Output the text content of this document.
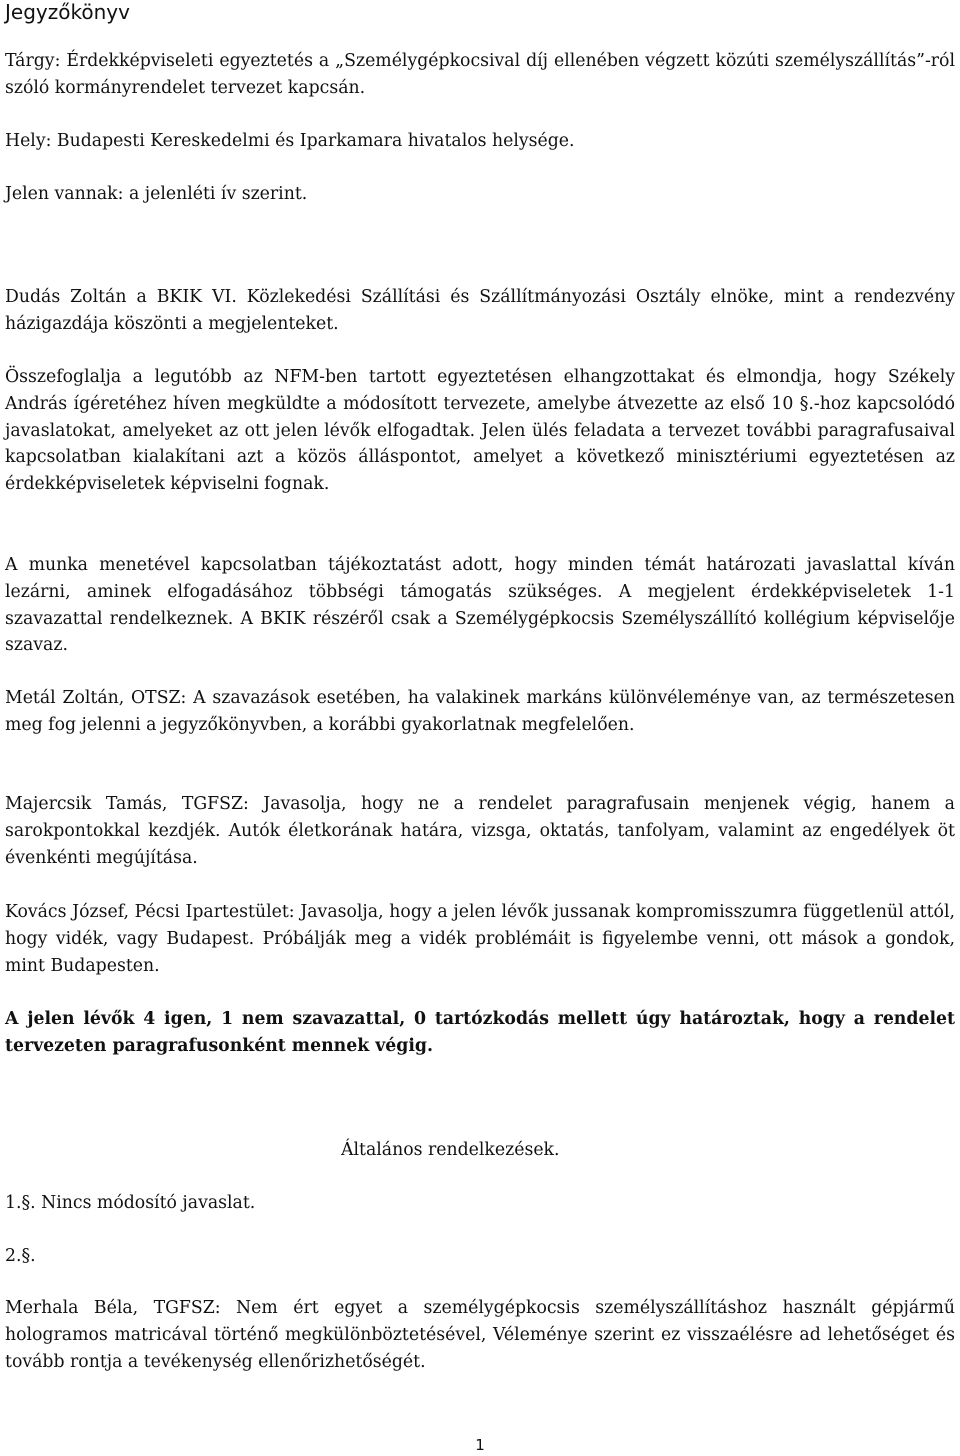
Jegyzőkönyv
Tárgy: Érdekképviseleti egyeztetés a „Személygépkocsival díj ellenében végzett közúti személyszállítás”-ról szóló kormányrendelet tervezet kapcsán.
Hely: Budapesti Kereskedelmi és Iparkamara hivatalos helysége.
Jelen vannak: a jelenléti ív szerint.
Dudás Zoltán a BKIK VI. Közlekedési Szállítási és Szállítmányozási Osztály elnöke, mint a rendezvény házigazdája köszönti a megjelenteket.
Összefoglalja a legutóbb az NFM-ben tartott egyeztetésen elhangzottakat és elmondja, hogy Székely András ígéretéhez híven megküldte a módosított tervezete, amelybe átvezette az első 10 §.-hoz kapcsolódó javaslatokat, amelyeket az ott jelen lévők elfogadtak. Jelen ülés feladata a tervezet további paragrafusaival kapcsolatban kialakítani azt a közös álláspontot, amelyet a következő minisztériumi egyeztetésen az érdekképviseletek képviselni fognak.
A munka menetével kapcsolatban tájékoztatást adott, hogy minden témát határozati javaslattal kíván lezárni, aminek elfogadásához többségi támogatás szükséges. A megjelent érdekképviseletek 1-1 szavazattal rendelkeznek. A BKIK részéről csak a Személygépkocsis Személyszállító kollégium képviselője szavaz.
Metál Zoltán, OTSZ: A szavazások esetében, ha valakinek markáns különvéleménye van, az természetesen meg fog jelenni a jegyzőkönyvben, a korábbi gyakorlatnak megfelelően.
Majercsik Tamás, TGFSZ: Javasolja, hogy ne a rendelet paragrafusain menjenek végig, hanem a sarokpontokkal kezdjék. Autók életkorának határa, vizsga, oktatás, tanfolyam, valamint az engedélyek öt évenkénti megújítása.
Kovács József, Pécsi Ipartestület: Javasolja, hogy a jelen lévők jussanak kompromisszumra függetlenül attól, hogy vidék, vagy Budapest. Próbálják meg a vidék problémáit is figyelembe venni, ott mások a gondok, mint Budapesten.
A jelen lévők 4 igen, 1 nem szavazattal, 0 tartózkodás mellett úgy határoztak, hogy a rendelet tervezeten paragrafusonként mennek végig.
Általános rendelkezések.
1.§. Nincs módosító javaslat.
2.§.
Merhala Béla, TGFSZ: Nem ért egyet a személygépkocsis személyszállításhoz használt gépjármű hologramos matricával történő megkülönböztetésével, Véleménye szerint ez visszaélésre ad lehetőséget és tovább rontja a tevékenység ellenőrizhetőségét.
1
